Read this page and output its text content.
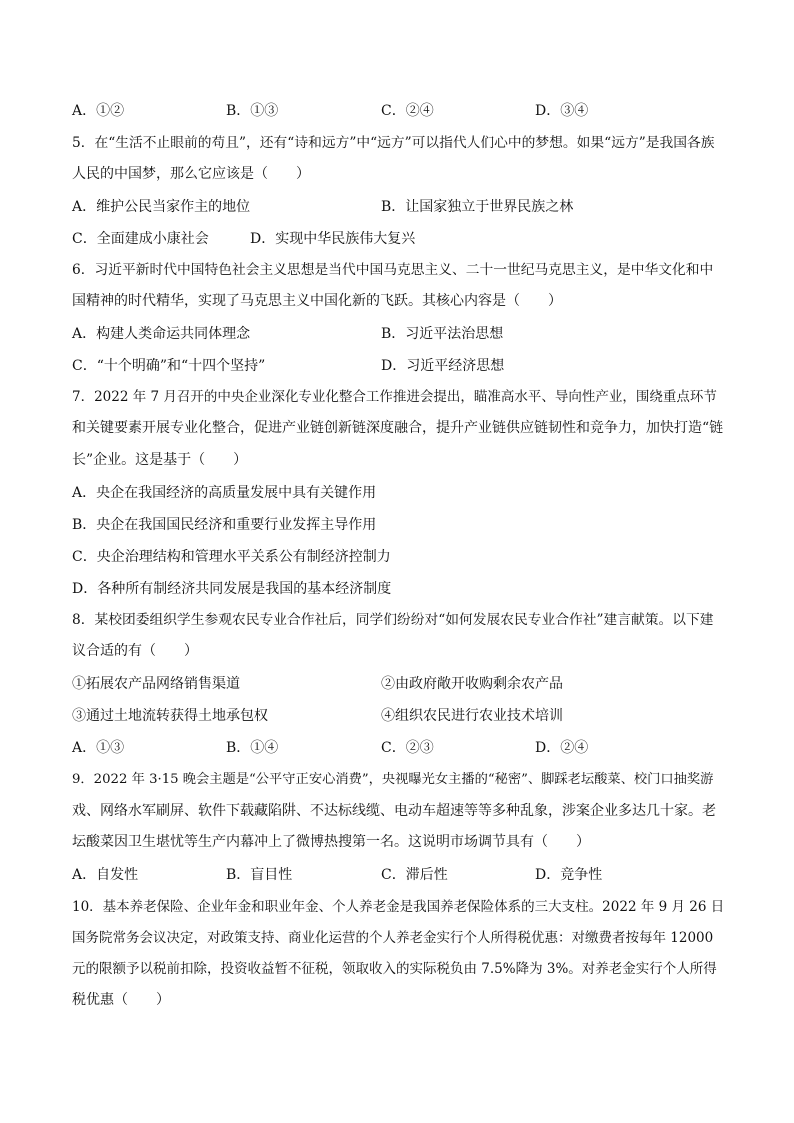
A．①②	B．①③	C．②④	D．③④
5．在“生活不止眼前的苟且”，还有“诗和远方”中“远方”可以指代人们心中的梦想。如果“远方”是我国各族
人民的中国梦，那么它应该是（　　）
A．维护公民当家作主的地位	B．让国家独立于世界民族之林
C．全面建成小康社会	D．实现中华民族伟大复兴
6．习近平新时代中国特色社会主义思想是当代中国马克思主义、二十一世纪马克思主义，是中华文化和中
国精神的时代精华，实现了马克思主义中国化新的飞跃。其核心内容是（　　）
A．构建人类命运共同体理念	B．习近平法治思想
C．“十个明确”和“十四个坚持”	D．习近平经济思想
7．2022 年 7 月召开的中央企业深化专业化整合工作推进会提出，瞄准高水平、导向性产业，围绕重点环节
和关键要素开展专业化整合，促进产业链创新链深度融合，提升产业链供应链韧性和竞争力，加快打造“链
长”企业。这是基于（　　）
A．央企在我国经济的高质量发展中具有关键作用
B．央企在我国国民经济和重要行业发挥主导作用
C．央企治理结构和管理水平关系公有制经济控制力
D．各种所有制经济共同发展是我国的基本经济制度
8．某校团委组织学生参观农民专业合作社后，同学们纷纷对“如何发展农民专业合作社”建言献策。以下建
议合适的有（　　）
①拓展农产品网络销售渠道	②由政府敞开收购剩余农产品
③通过土地流转获得土地承包权	④组织农民进行农业技术培训
A．①③	B．①④	C．②③	D．②④
9．2022 年 3·15 晚会主题是“公平守正安心消费”，央视曝光女主播的“秘密”、脚踩老坛酸菜、校门口抽奖游
戏、网络水军刷屏、软件下载藏陷阱、不达标线缆、电动车超速等等多种乱象，涉案企业多达几十家。老
坛酸菜因卫生堪忧等生产内幕冲上了微博热搜第一名。这说明市场调节具有（　　）
A．自发性	B．盲目性	C．滞后性	D．竞争性
10．基本养老保险、企业年金和职业年金、个人养老金是我国养老保险体系的三大支柱。2022 年 9 月 26 日
国务院常务会议决定，对政策支持、商业化运营的个人养老金实行个人所得税优惠：对缴费者按每年 12000
元的限额予以税前扣除，投资收益暂不征税，领取收入的实际税负由 7.5%降为 3%。对养老金实行个人所得
税优惠（　　）
